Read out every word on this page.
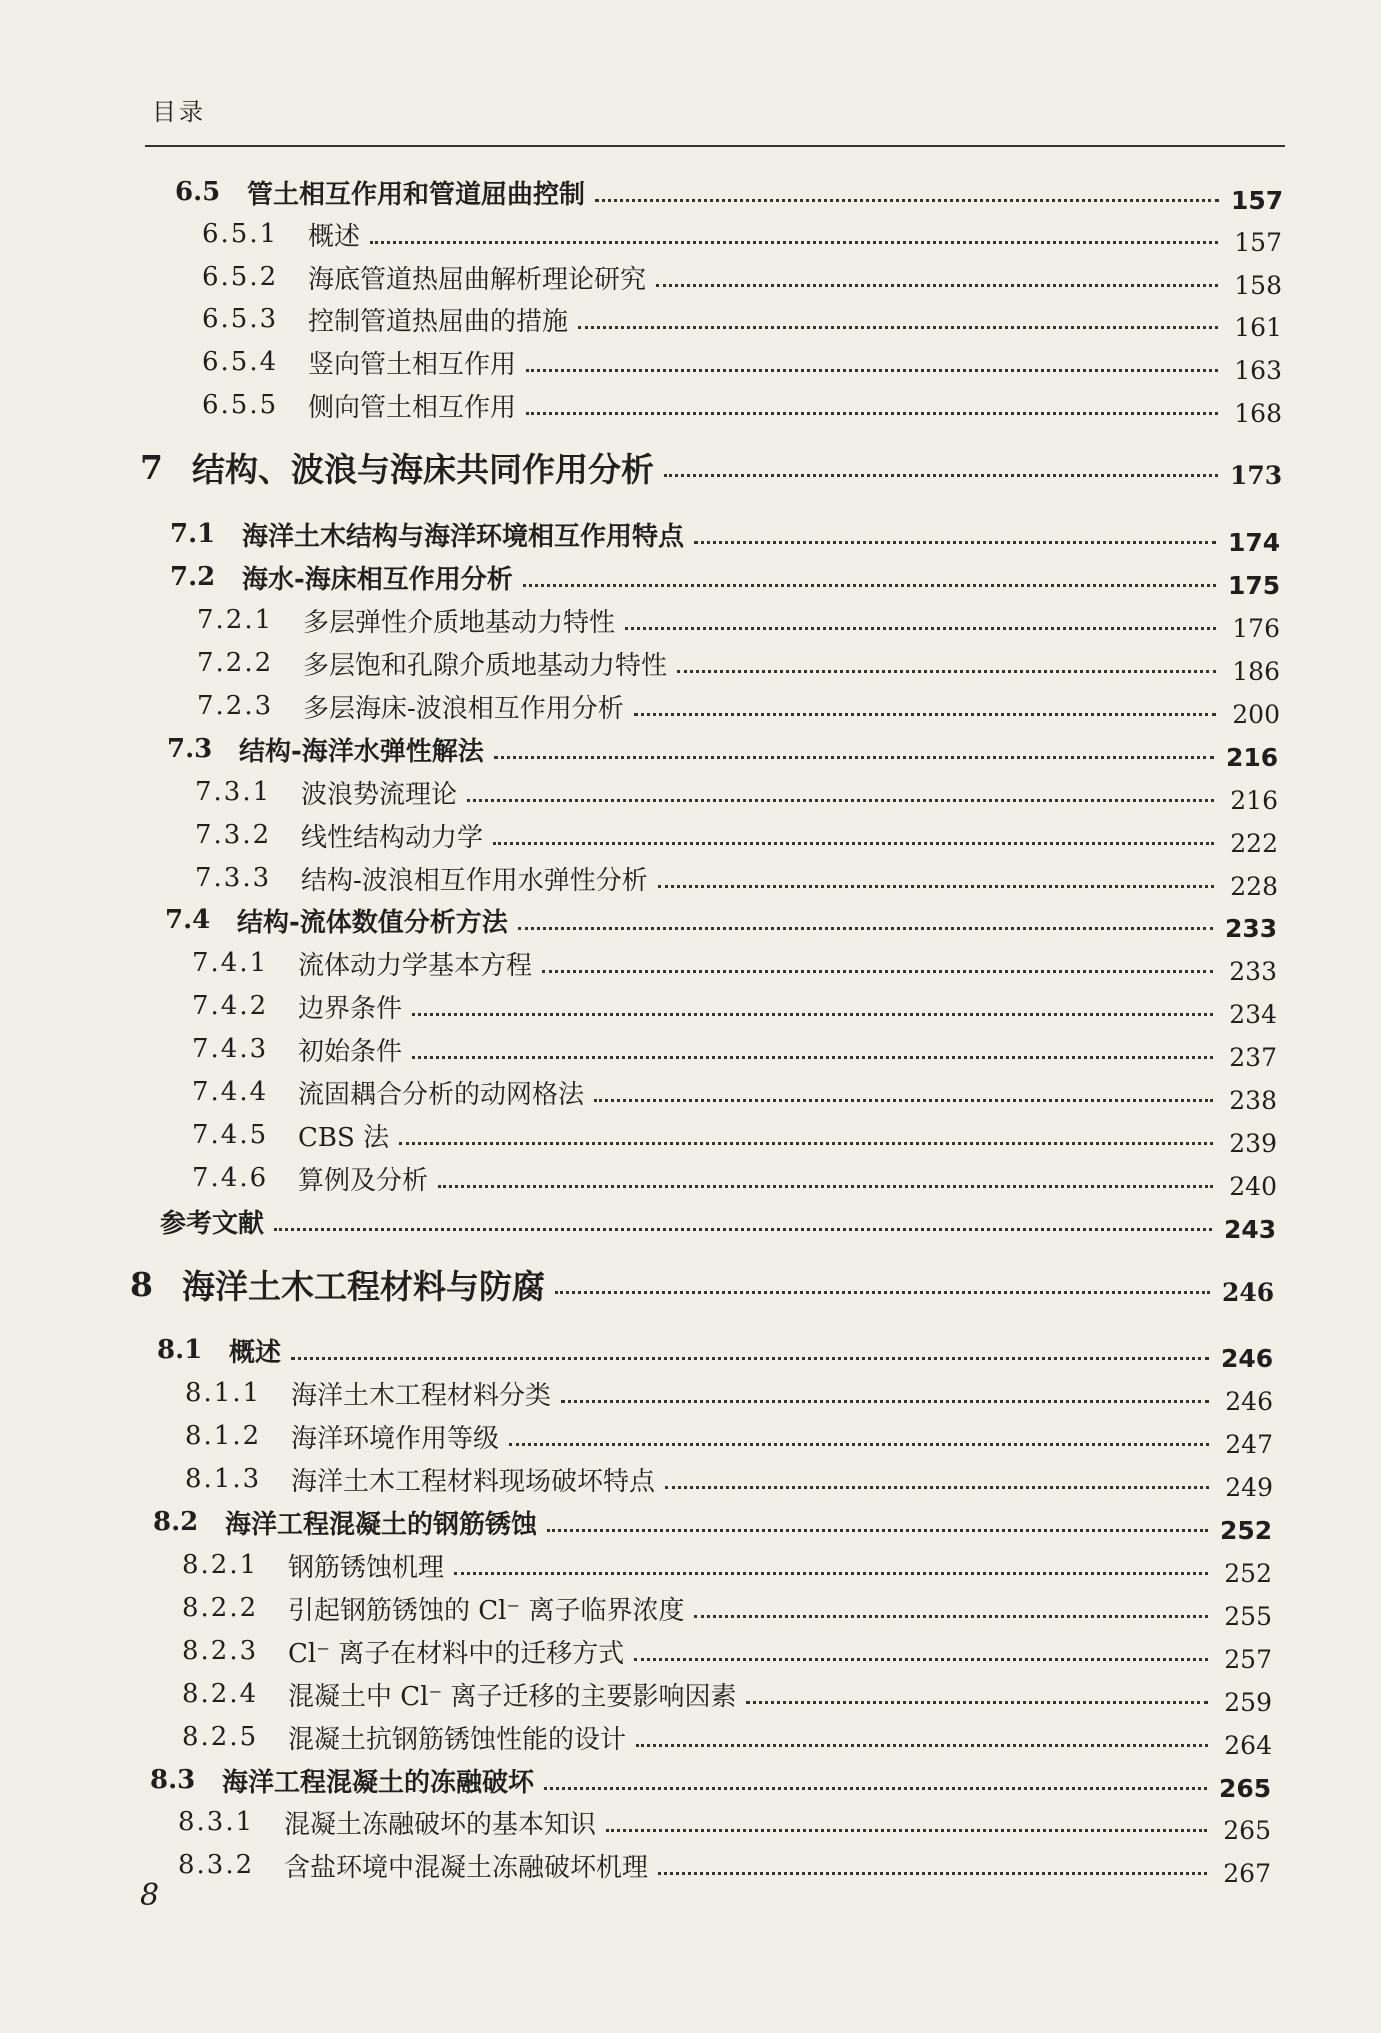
目录
6.5	管土相互作用和管道屈曲控制	157
6.5.1	概述	157
6.5.2	海底管道热屈曲解析理论研究	158
6.5.3	控制管道热屈曲的措施	161
6.5.4	竖向管土相互作用	163
6.5.5	侧向管土相互作用	168
7 结构、波浪与海床共同作用分析	173
7.1	海洋土木结构与海洋环境相互作用特点	174
7.2	海水-海床相互作用分析	175
7.2.1	多层弹性介质地基动力特性	176
7.2.2	多层饱和孔隙介质地基动力特性	186
7.2.3	多层海床-波浪相互作用分析	200
7.3	结构-海洋水弹性解法	216
7.3.1	波浪势流理论	216
7.3.2	线性结构动力学	222
7.3.3	结构-波浪相互作用水弹性分析	228
7.4	结构-流体数值分析方法	233
7.4.1	流体动力学基本方程	233
7.4.2	边界条件	234
7.4.3	初始条件	237
7.4.4	流固耦合分析的动网格法	238
7.4.5	CBS 法	239
7.4.6	算例及分析	240
参考文献	243
8 海洋土木工程材料与防腐	246
8.1	概述	246
8.1.1	海洋土木工程材料分类	246
8.1.2	海洋环境作用等级	247
8.1.3	海洋土木工程材料现场破坏特点	249
8.2	海洋工程混凝土的钢筋锈蚀	252
8.2.1	钢筋锈蚀机理	252
8.2.2	引起钢筋锈蚀的 Cl⁻ 离子临界浓度	255
8.2.3	Cl⁻ 离子在材料中的迁移方式	257
8.2.4	混凝土中 Cl⁻ 离子迁移的主要影响因素	259
8.2.5	混凝土抗钢筋锈蚀性能的设计	264
8.3	海洋工程混凝土的冻融破坏	265
8.3.1	混凝土冻融破坏的基本知识	265
8.3.2	含盐环境中混凝土冻融破坏机理	267
8
